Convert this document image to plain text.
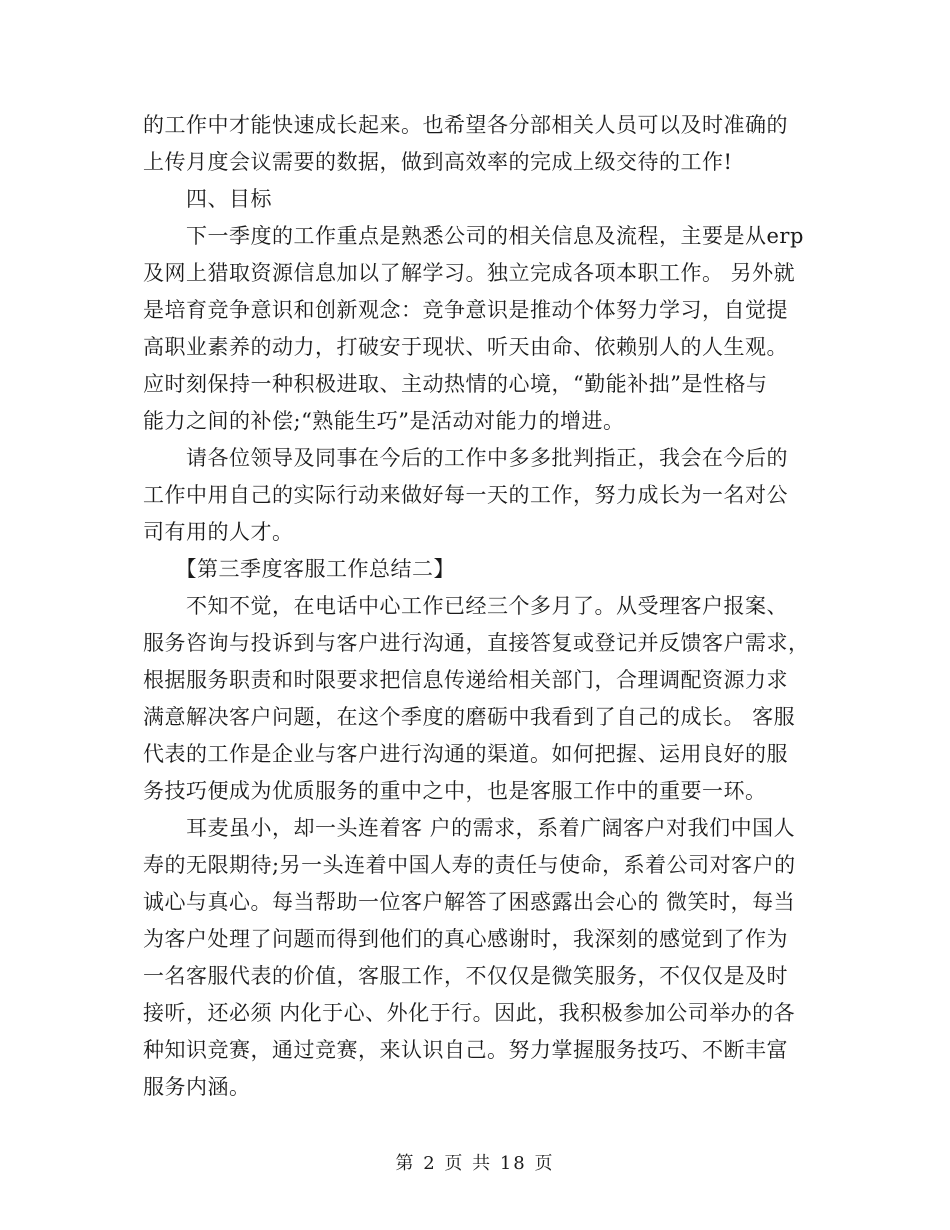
的工作中才能快速成长起来。也希望各分部相关人员可以及时准确的
上传月度会议需要的数据，做到高效率的完成上级交待的工作!
　　四、目标
　　下一季度的工作重点是熟悉公司的相关信息及流程，主要是从erp
及网上猎取资源信息加以了解学习。独立完成各项本职工作。 另外就
是培育竞争意识和创新观念：竞争意识是推动个体努力学习，自觉提
高职业素养的动力，打破安于现状、听天由命、依赖别人的人生观。
应时刻保持一种积极进取、主动热情的心境，“勤能补拙”是性格与
能力之间的补偿;“熟能生巧”是活动对能力的增进。
　　请各位领导及同事在今后的工作中多多批判指正，我会在今后的
工作中用自己的实际行动来做好每一天的工作，努力成长为一名对公
司有用的人才。
　　【第三季度客服工作总结二】
　　不知不觉，在电话中心工作已经三个多月了。从受理客户报案、
服务咨询与投诉到与客户进行沟通，直接答复或登记并反馈客户需求，
根据服务职责和时限要求把信息传递给相关部门，合理调配资源力求
满意解决客户问题，在这个季度的磨砺中我看到了自己的成长。 客服
代表的工作是企业与客户进行沟通的渠道。如何把握、运用良好的服
务技巧便成为优质服务的重中之中，也是客服工作中的重要一环。
　　耳麦虽小，却一头连着客 户的需求，系着广阔客户对我们中国人
寿的无限期待;另一头连着中国人寿的责任与使命，系着公司对客户的
诚心与真心。每当帮助一位客户解答了困惑露出会心的 微笑时，每当
为客户处理了问题而得到他们的真心感谢时，我深刻的感觉到了作为
一名客服代表的价值，客服工作，不仅仅是微笑服务，不仅仅是及时
接听，还必须 内化于心、外化于行。因此，我积极参加公司举办的各
种知识竞赛，通过竞赛，来认识自己。努力掌握服务技巧、不断丰富
服务内涵。
第 2 页 共 18 页
